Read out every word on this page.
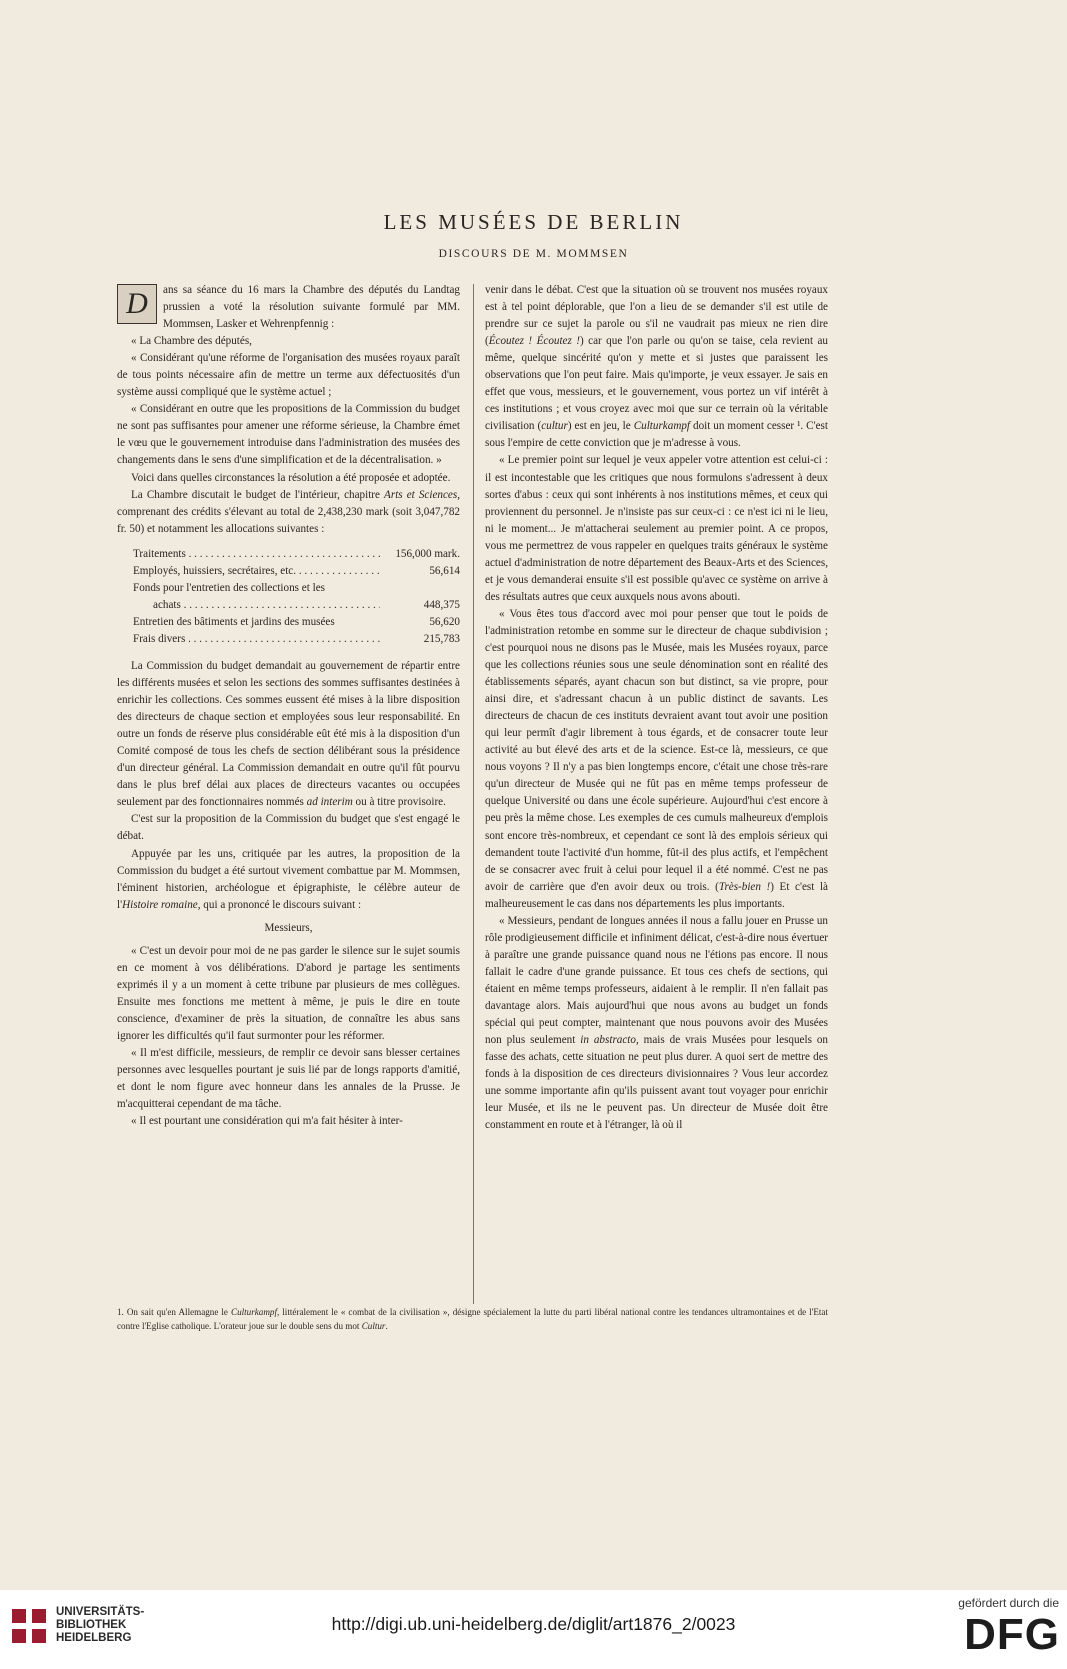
LES MUSÉES DE BERLIN
DISCOURS DE M. MOMMSEN

D	ans sa séance du 16 mars la Chambre des députés du Landtag prussien a voté la résolution suivante formulé par MM. Mommsen, Lasker et Wehrenpfennig :

« La Chambre des députés,

« Considérant qu'une réforme de l'organisation des musées royaux paraît de tous points nécessaire afin de mettre un terme aux défectuosités d'un système aussi compliqué que le système actuel ;

« Considérant en outre que les propositions de la Commission du budget ne sont pas suffisantes pour amener une réforme sérieuse, la Chambre émet le vœu que le gouvernement introduise dans l'administration des musées des changements dans le sens d'une simplification et de la décentralisation. »

Voici dans quelles circonstances la résolution a été proposée et adoptée.

La Chambre discutait le budget de l'intérieur, chapitre Arts et Sciences, comprenant des crédits s'élevant au total de 2,438,230 mark (soit 3,047,782 fr. 50) et notamment les allocations suivantes :

Traitements . . .	156,000 mark.
Employés, huissiers, secrétaires, etc. . . .	56,614
Fonds pour l'entretien des collections et les
achats . . .	448,375
Entretien des bâtiments et jardins des musées	56,620
Frais divers . . .	215,783

La Commission du budget demandait au gouvernement de répartir entre les différents musées et selon les sections des sommes suffisantes destinées à enrichir les collections. Ces sommes eussent été mises à la libre disposition des directeurs de chaque section et employées sous leur responsabilité. En outre un fonds de réserve plus considérable eût été mis à la disposition d'un Comité composé de tous les chefs de section délibérant sous la présidence d'un directeur général. La Commission demandait en outre qu'il fût pourvu dans le plus bref délai aux places de directeurs vacantes ou occupées seulement par des fonctionnaires nommés ad interim ou à titre provisoire.

C'est sur la proposition de la Commission du budget que s'est engagé le débat.

Appuyée par les uns, critiquée par les autres, la proposition de la Commission du budget a été surtout vivement combattue par M. Mommsen, l'éminent historien, archéologue et épigraphiste, le célèbre auteur de l'Histoire romaine, qui a prononcé le discours suivant :

Messieurs,

« C'est un devoir pour moi de ne pas garder le silence sur le sujet soumis en ce moment à vos délibérations. D'abord je partage les sentiments exprimés il y a un moment à cette tribune par plusieurs de mes collègues. Ensuite mes fonctions me mettent à même, je puis le dire en toute conscience, d'examiner de près la situation, de connaître les abus sans ignorer les difficultés qu'il faut surmonter pour les réformer.

« Il m'est difficile, messieurs, de remplir ce devoir sans blesser certaines personnes avec lesquelles pourtant je suis lié par de longs rapports d'amitié, et dont le nom figure avec honneur dans les annales de la Prusse. Je m'acquitterai cependant de ma tâche.

« Il est pourtant une considération qui m'a fait hésiter à inter-

venir dans le débat. C'est que la situation où se trouvent nos musées royaux est à tel point déplorable, que l'on a lieu de se demander s'il est utile de prendre sur ce sujet la parole ou s'il ne vaudrait pas mieux ne rien dire (Écoutez ! Écoutez !) car que l'on parle ou qu'on se taise, cela revient au même, quelque sincérité qu'on y mette et si justes que paraissent les observations que l'on peut faire. Mais qu'importe, je veux essayer. Je sais en effet que vous, messieurs, et le gouvernement, vous portez un vif intérêt à ces institutions ; et vous croyez avec moi que sur ce terrain où la véritable civilisation (cultur) est en jeu, le Culturkampf doit un moment cesser ¹. C'est sous l'empire de cette conviction que je m'adresse à vous.

« Le premier point sur lequel je veux appeler votre attention est celui-ci : il est incontestable que les critiques que nous formulons s'adressent à deux sortes d'abus : ceux qui sont inhérents à nos institutions mêmes, et ceux qui proviennent du personnel. Je n'insiste pas sur ceux-ci : ce n'est ici ni le lieu, ni le moment... Je m'attacherai seulement au premier point. A ce propos, vous me permettrez de vous rappeler en quelques traits généraux le système actuel d'administration de notre département des Beaux-Arts et des Sciences, et je vous demanderai ensuite s'il est possible qu'avec ce système on arrive à des résultats autres que ceux auxquels nous avons abouti.

« Vous êtes tous d'accord avec moi pour penser que tout le poids de l'administration retombe en somme sur le directeur de chaque subdivision ; c'est pourquoi nous ne disons pas le Musée, mais les Musées royaux, parce que les collections réunies sous une seule dénomination sont en réalité des établissements séparés, ayant chacun son but distinct, sa vie propre, pour ainsi dire, et s'adressant chacun à un public distinct de savants. Les directeurs de chacun de ces instituts devraient avant tout avoir une position qui leur permît d'agir librement à tous égards, et de consacrer toute leur activité au but élevé des arts et de la science. Est-ce là, messieurs, ce que nous voyons ? Il n'y a pas bien longtemps encore, c'était une chose très-rare qu'un directeur de Musée qui ne fût pas en même temps professeur de quelque Université ou dans une école supérieure. Aujourd'hui c'est encore à peu près la même chose. Les exemples de ces cumuls malheureux d'emplois sont encore très-nombreux, et cependant ce sont là des emplois sérieux qui demandent toute l'activité d'un homme, fût-il des plus actifs, et l'empêchent de se consacrer avec fruit à celui pour lequel il a été nommé. C'est ne pas avoir de carrière que d'en avoir deux ou trois. (Très-bien !) Et c'est là malheureusement le cas dans nos départements les plus importants.

« Messieurs, pendant de longues années il nous a fallu jouer en Prusse un rôle prodigieusement difficile et infiniment délicat, c'est-à-dire nous évertuer à paraître une grande puissance quand nous ne l'étions pas encore. Il nous fallait le cadre d'une grande puissance. Et tous ces chefs de sections, qui étaient en même temps professeurs, aidaient à le remplir. Il n'en fallait pas davantage alors. Mais aujourd'hui que nous avons au budget un fonds spécial qui peut compter, maintenant que nous pouvons avoir des Musées non plus seulement in abstracto, mais de vrais Musées pour lesquels on fasse des achats, cette situation ne peut plus durer. A quoi sert de mettre des fonds à la disposition de ces directeurs divisionnaires ? Vous leur accordez une somme importante afin qu'ils puissent avant tout voyager pour enrichir leur Musée, et ils ne le peuvent pas. Un directeur de Musée doit être constamment en route et à l'étranger, là où il

1. On sait qu'en Allemagne le Culturkampf, littéralement le « combat de la civilisation », désigne spécialement la lutte du parti libéral national contre les tendances ultramontaines et de l'Etat contre l'Eglise catholique. L'orateur joue sur le double sens du mot Cultur.
UNIVERSITÄTS-
BIBLIOTHEK
HEIDELBERG
http://digi.ub.uni-heidelberg.de/diglit/art1876_2/0023
gefördert durch die
DFG
